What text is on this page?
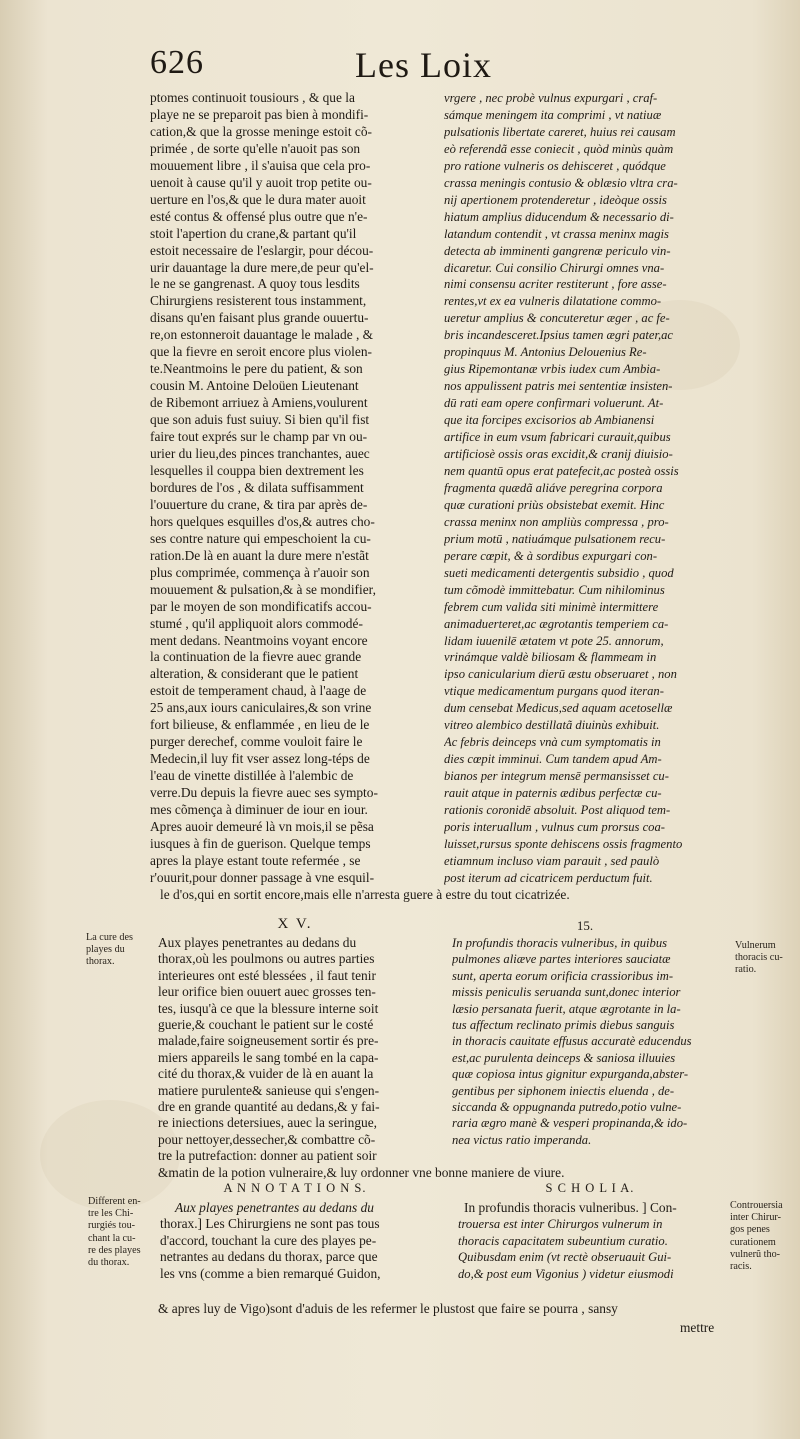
626	Les Loix
ptomes continuoit tousiours , & que la
playe ne se preparoit pas bien à mondifi-
cation,& que la grosse meninge estoit cõ-
primée , de sorte qu'elle n'auoit pas son
mouuement libre , il s'auisa que cela pro-
uenoit à cause qu'il y auoit trop petite ou-
uerture en l'os,& que le dura mater auoit
esté contus & offensé plus outre que n'e-
stoit l'apertion du crane,& partant qu'il
estoit necessaire de l'eslargir, pour décou-
urir dauantage la dure mere,de peur qu'el-
le ne se gangrenast. A quoy tous lesdits
Chirurgiens resisterent tous instamment,
disans qu'en faisant plus grande ouuertu-
re,on estonneroit dauantage le malade , &
que la fievre en seroit encore plus violen-
te.Neantmoins le pere du patient, & son
cousin M. Antoine Deloüen Lieutenant
de Ribemont arriuez à Amiens,voulurent
que son aduis fust suiuy. Si bien qu'il fist
faire tout exprés sur le champ par vn ou-
urier du lieu,des pinces tranchantes, auec
lesquelles il couppa bien dextrement les
bordures de l'os , & dilata suffisamment
l'ouuerture du crane, & tira par après de-
hors quelques esquilles d'os,& autres cho-
ses contre nature qui empeschoient la cu-
ration.De là en auant la dure mere n'estãt
plus comprimée, commença à r'auoir son
mouuement & pulsation,& à se mondifier,
par le moyen de son mondificatifs accou-
stumé , qu'il appliquoit alors commodé-
ment dedans. Neantmoins voyant encore
la continuation de la fievre auec grande
alteration, & considerant que le patient
estoit de temperament chaud, à l'aage de
25 ans,aux iours caniculaires,& son vrine
fort bilieuse, & enflammée , en lieu de le
purger derechef, comme vouloit faire le
Medecin,il luy fit vser assez long-téps de
l'eau de vinette distillée à l'alembic de
verre.Du depuis la fievre auec ses sympto-
mes cõmença à diminuer de iour en iour.
Apres auoir demeuré là vn mois,il se pẽsa
iusques à fin de guerison. Quelque temps
apres la playe estant toute refermée , se
r'ouurit,pour donner passage à vne esquil-
vrgere , nec probè vulnus expurgari , craf-
sámque meningem ita comprimi , vt natiuæ
pulsationis libertate careret, huius rei causam
eò referendã esse coniecit , quòd minùs quàm
pro ratione vulneris os dehisceret , quódque
crassa meningis contusio & oblæsio vltra cra-
nij apertionem protenderetur , ideòque ossis
hiatum amplius diducendum & necessario di-
latandum contendit , vt crassa meninx magis
detecta ab imminenti gangrenæ periculo vin-
dicaretur. Cui consilio Chirurgi omnes vna-
nimi consensu acriter restiterunt , fore asse-
rentes,vt ex ea vulneris dilatatione commo-
ueretur amplius & concuteretur æger , ac fe-
bris incandesceret.Ipsius tamen ægri pater,ac
propinquus M. Antonius Delouenius Re-
gius Ripemontanæ vrbis iudex cum Ambia-
nos appulissent patris mei sententiæ insisten-
dū rati eam opere confirmari voluerunt. At-
que ita forcipes excisorios ab Ambianensi
artifice in eum vsum fabricari curauit,quibus
artificiosè ossis oras excidit,& cranij diuisio-
nem quantū opus erat patefecit,ac posteà ossis
fragmenta quædã aliáve peregrina corpora
quæ curationi priùs obsistebat exemit. Hinc
crassa meninx non ampliùs compressa , pro-
prium motū , natiuámque pulsationem recu-
perare cœpit, & à sordibus expurgari con-
sueti medicamenti detergentis subsidio , quod
tum cõmodè immittebatur. Cum nihilominus
febrem cum valida siti minimè intermittere
animaduerteret,ac ægrotantis temperiem ca-
lidam iuuenilē ætatem vt pote 25. annorum,
vrinámque valdè biliosam & flammeam in
ipso canicularium dierū æstu obseruaret , non
vtique medicamentum purgans quod iteran-
dum censebat Medicus,sed aquam acetosellæ
vitreo alembico destillatã diuinùs exhibuit.
Ac febris deinceps vnà cum symptomatis in
dies cœpit imminui. Cum tandem apud Am-
bianos per integrum mensē permansisset cu-
rauit atque in paternis ædibus perfectæ cu-
rationis coronidē absoluit. Post aliquod tem-
poris interuallum , vulnus cum prorsus coa-
luisset,rursus sponte dehiscens ossis fragmento
etiamnum incluso viam parauit , sed paulò
post iterum ad cicatricem perductum fuit.
le d'os,qui en sortit encore,mais elle n'arresta guere à estre du tout cicatrizée.
La cure des
playes du
thorax.
X V.	15.
Aux playes penetrantes au dedans du
thorax,où les poulmons ou autres parties
interieures ont esté blessées , il faut tenir
leur orifice bien ouuert auec grosses ten-
tes, iusqu'à ce que la blessure interne soit
guerie,& couchant le patient sur le costé
malade,faire soigneusement sortir és pre-
miers appareils le sang tombé en la capa-
cité du thorax,& vuider de là en auant la
matiere purulente& sanieuse qui s'engen-
dre en grande quantité au dedans,& y fai-
re iniections detersiues, auec la seringue,
pour nettoyer,dessecher,& combattre cõ-
tre la putrefaction: donner au patient soir
In profundis thoracis vulneribus, in quibus
pulmones aliæve partes interiores sauciatæ
sunt, aperta eorum orificia crassioribus im-
missis peniculis seruanda sunt,donec interior
læsio persanata fuerit, atque ægrotante in la-
tus affectum reclinato primis diebus sanguis
in thoracis cauitate effusus accuratè educendus
est,ac purulenta deinceps & saniosa illuuies
quæ copiosa intus gignitur expurganda,abster-
gentibus per siphonem iniectis eluenda , de-
siccanda & oppugnanda putredo,potio vulne-
raria ægro manè & vesperi propinanda,& ido-
nea victus ratio imperanda.
Vulnerum
thoracis cu-
ratio.
&matin de la potion vulneraire,& luy ordonner vne bonne maniere de viure.
Different en-
tre les Chi-
rurgiés tou-
chant la cu-
re des playes
du thorax.
A N N O T A T I O N S.	S C H O L I A.
Aux playes penetrantes au dedans du
thorax.] Les Chirurgiens ne sont pas tous
d'accord, touchant la cure des playes pe-
netrantes au dedans du thorax, parce que
les vns (comme a bien remarqué Guidon,
In profundis thoracis vulneribus. ] Con-
trouersa est inter Chirurgos vulnerum in
thoracis capacitatem subeuntium curatio.
Quibusdam enim (vt rectè obseruauit Gui-
do,& post eum Vigonius ) videtur eiusmodi
Controuersia
inter Chirur-
gos penes
curationem
vulnerũ tho-
racis.
& apres luy de Vigo)sont d'aduis de les refermer le plustost que faire se pourra , sansy
mettre
